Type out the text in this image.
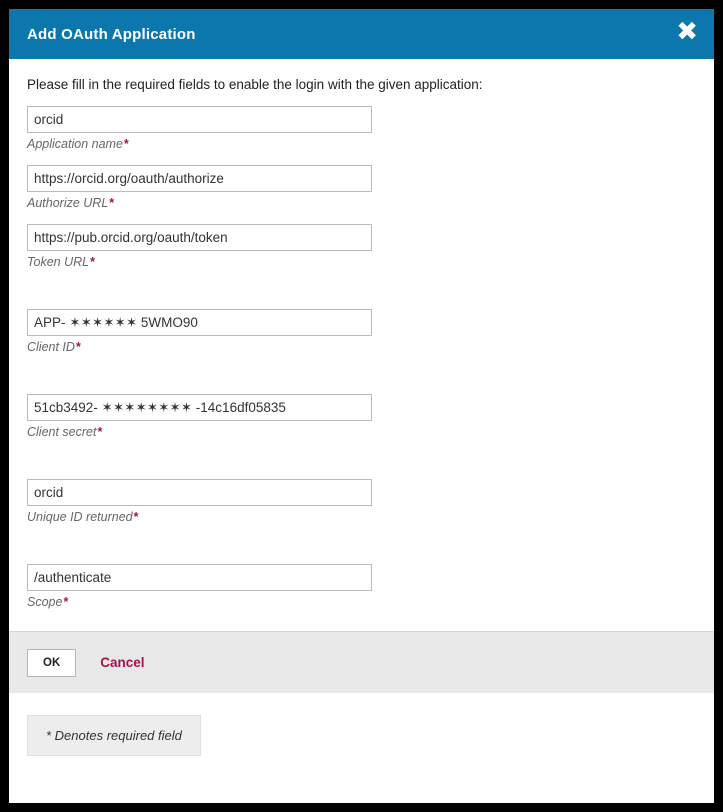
Add OAuth Application	✖
Please fill in the required fields to enable the login with the given application:
orcid
Application name*
https://orcid.org/oauth/authorize
Authorize URL*
https://pub.orcid.org/oauth/token
Token URL*
APP- ✶✶✶✶✶✶ 5WMO90
Client ID*
51cb3492- ✶✶✶✶✶✶✶✶ -14c16df05835
Client secret*
orcid
Unique ID returned*
/authenticate
Scope*
OK	Cancel
* Denotes required field
